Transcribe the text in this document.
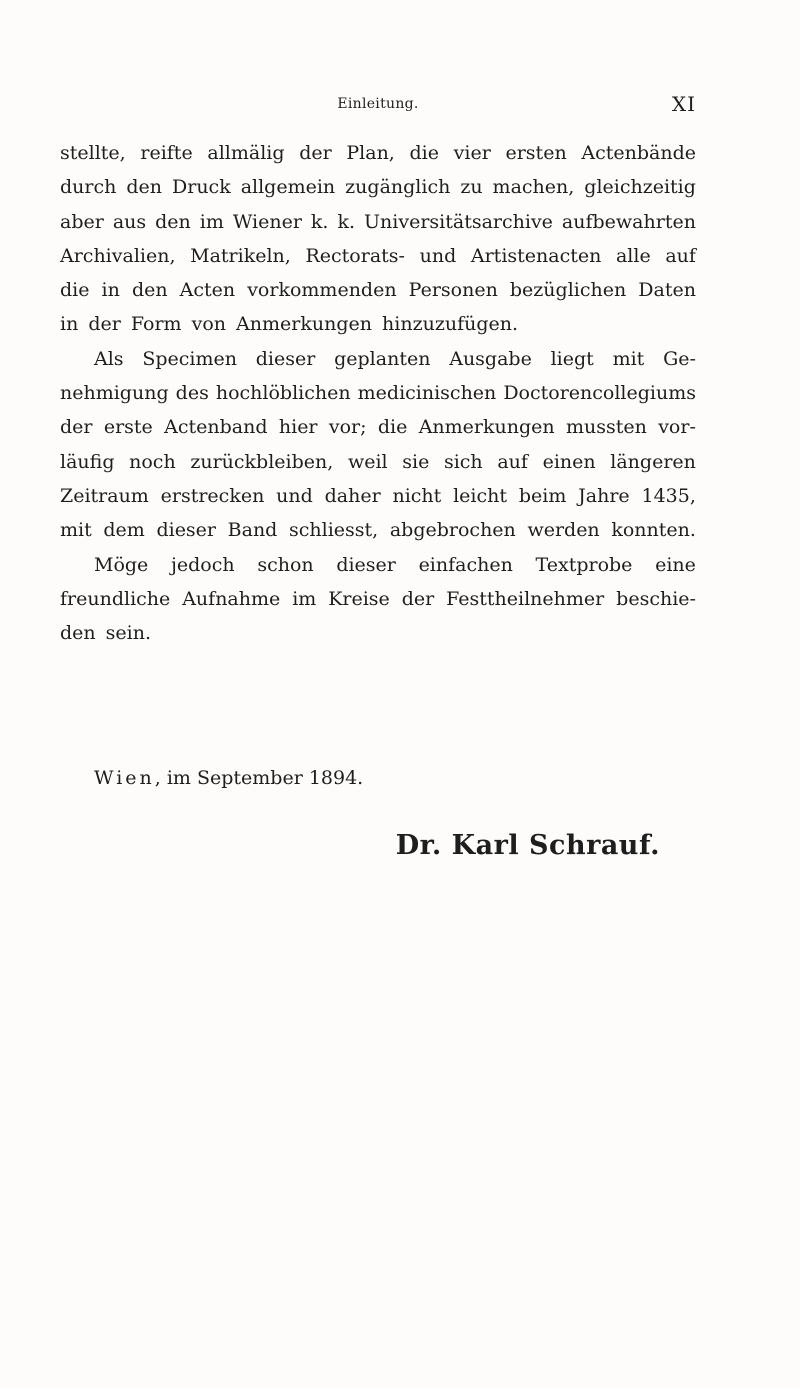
Einleitung.	XI
stellte, reifte allmälig der Plan, die vier ersten Actenbände
durch den Druck allgemein zugänglich zu machen, gleichzeitig
aber aus den im Wiener k. k. Universitätsarchive aufbewahrten
Archivalien, Matrikeln, Rectorats- und Artistenacten alle auf
die in den Acten vorkommenden Personen bezüglichen Daten
in der Form von Anmerkungen hinzuzufügen.
Als Specimen dieser geplanten Ausgabe liegt mit Ge-
nehmigung des hochlöblichen medicinischen Doctorencollegiums
der erste Actenband hier vor; die Anmerkungen mussten vor-
läufig noch zurückbleiben, weil sie sich auf einen längeren
Zeitraum erstrecken und daher nicht leicht beim Jahre 1435,
mit dem dieser Band schliesst, abgebrochen werden konnten.
Möge jedoch schon dieser einfachen Textprobe eine
freundliche Aufnahme im Kreise der Festtheilnehmer beschie-
den sein.
Wien, im September 1894.
Dr. Karl Schrauf.
